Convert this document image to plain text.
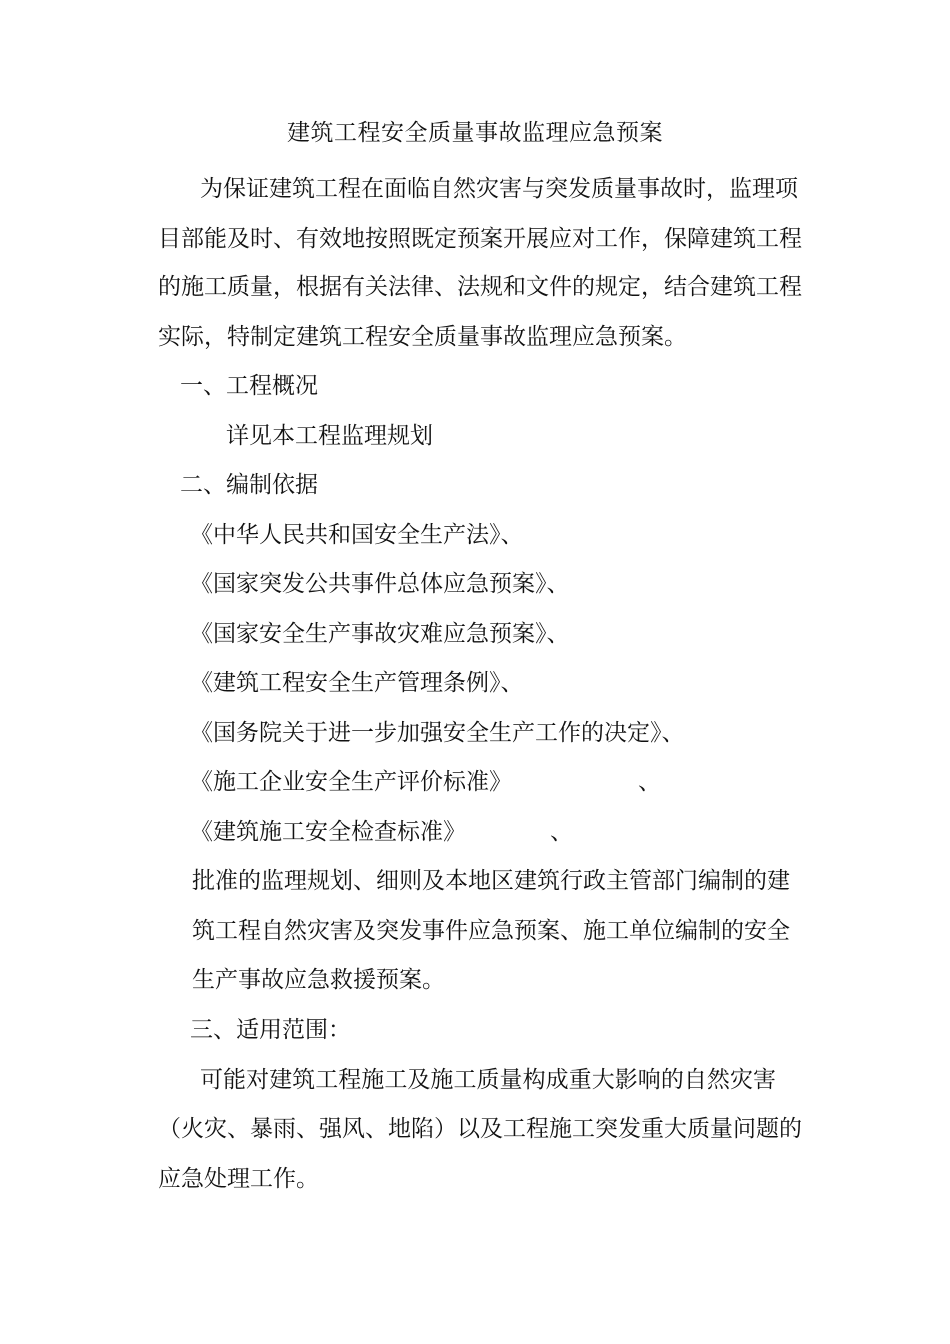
建筑工程安全质量事故监理应急预案
为保证建筑工程在面临自然灾害与突发质量事故时，监理项
目部能及时、有效地按照既定预案开展应对工作，保障建筑工程
的施工质量，根据有关法律、法规和文件的规定，结合建筑工程
实际，特制定建筑工程安全质量事故监理应急预案。
一、工程概况
详见本工程监理规划
二、编制依据
《中华人民共和国安全生产法》、
《国家突发公共事件总体应急预案》、
《国家安全生产事故灾难应急预案》、
《建筑工程安全生产管理条例》、
《国务院关于进一步加强安全生产工作的决定》、
《施工企业安全生产评价标准》	、
《建筑施工安全检查标准》	、
批准的监理规划、细则及本地区建筑行政主管部门编制的建
筑工程自然灾害及突发事件应急预案、施工单位编制的安全
生产事故应急救援预案。
三、适用范围：
可能对建筑工程施工及施工质量构成重大影响的自然灾害
（火灾、暴雨、强风、地陷）以及工程施工突发重大质量问题的
应急处理工作。
